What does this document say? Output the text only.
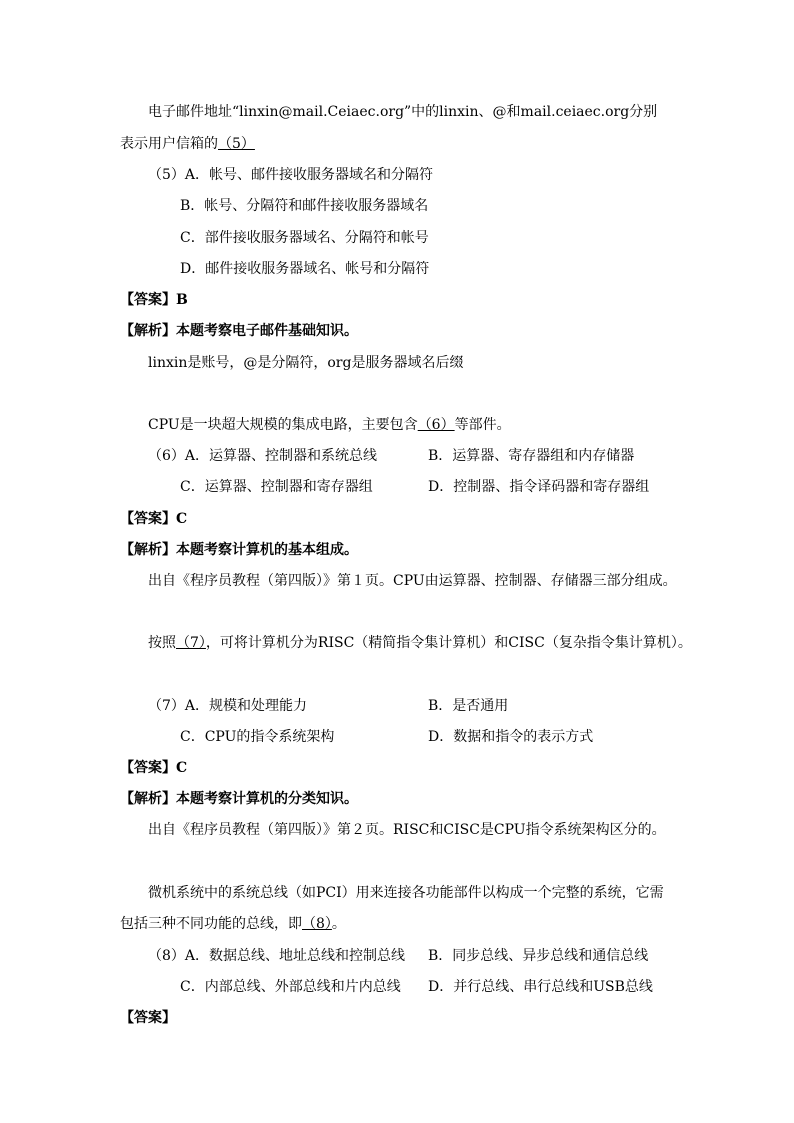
电子邮件地址“linxin@mail.Ceiaec.org”中的linxin、@和mail.ceiaec.org分别
表示用户信箱的（5）
（5）A．帐号、邮件接收服务器域名和分隔符
B．帐号、分隔符和邮件接收服务器域名
C．部件接收服务器域名、分隔符和帐号
D．邮件接收服务器域名、帐号和分隔符
【答案】B
【解析】本题考察电子邮件基础知识。
linxin是账号，@是分隔符，org是服务器域名后缀
CPU是一块超大规模的集成电路，主要包含（6）等部件。
（6）A．运算器、控制器和系统总线	B．运算器、寄存器组和内存储器
C．运算器、控制器和寄存器组	D．控制器、指令译码器和寄存器组
【答案】C
【解析】本题考察计算机的基本组成。
出自《程序员教程（第四版）》第１页。CPU由运算器、控制器、存储器三部分组成。
按照（7），可将计算机分为RISC（精简指令集计算机）和CISC（复杂指令集计算机）。
（7）A．规模和处理能力	B．是否通用
C．CPU的指令系统架构	D．数据和指令的表示方式
【答案】C
【解析】本题考察计算机的分类知识。
出自《程序员教程（第四版）》第２页。RISC和CISC是CPU指令系统架构区分的。
微机系统中的系统总线（如PCI）用来连接各功能部件以构成一个完整的系统，它需
包括三种不同功能的总线，即（8）。
（8）A．数据总线、地址总线和控制总线 B．同步总线、异步总线和通信总线
C．内部总线、外部总线和片内总线 D．并行总线、串行总线和USB总线
【答案】
